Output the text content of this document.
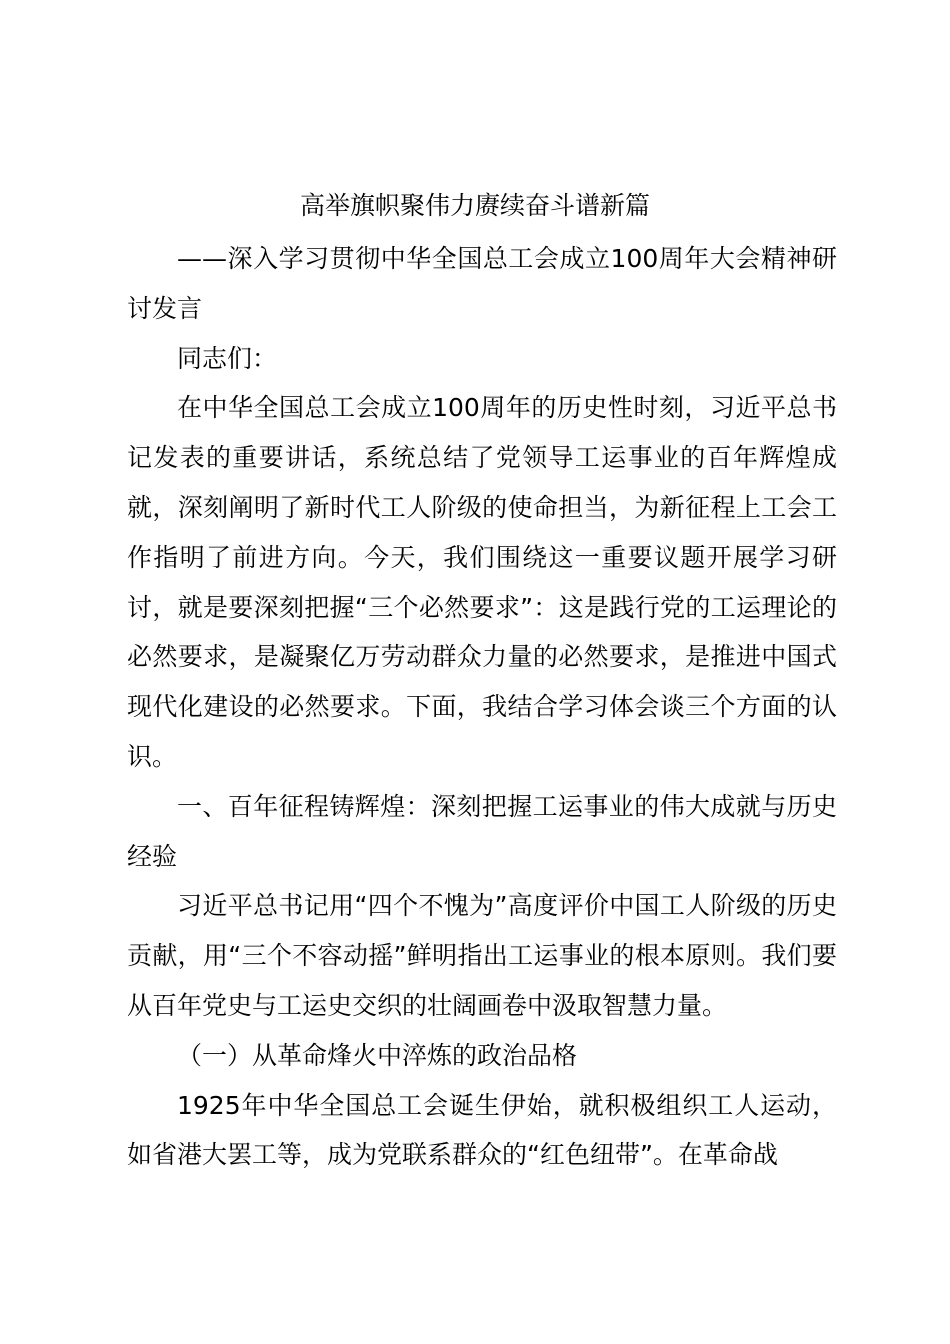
高举旗帜聚伟力赓续奋斗谱新篇

——深入学习贯彻中华全国总工会成立100周年大会精神研讨发言

同志们：

在中华全国总工会成立100周年的历史性时刻，习近平总书记发表的重要讲话，系统总结了党领导工运事业的百年辉煌成就，深刻阐明了新时代工人阶级的使命担当，为新征程上工会工作指明了前进方向。今天，我们围绕这一重要议题开展学习研讨，就是要深刻把握“三个必然要求”：这是践行党的工运理论的必然要求，是凝聚亿万劳动群众力量的必然要求，是推进中国式现代化建设的必然要求。下面，我结合学习体会谈三个方面的认识。

一、百年征程铸辉煌：深刻把握工运事业的伟大成就与历史经验

习近平总书记用“四个不愧为”高度评价中国工人阶级的历史贡献，用“三个不容动摇”鲜明指出工运事业的根本原则。我们要从百年党史与工运史交织的壮阔画卷中汲取智慧力量。

（一）从革命烽火中淬炼的政治品格

1925年中华全国总工会诞生伊始，就积极组织工人运动，如省港大罢工等，成为党联系群众的“红色纽带”。在革命战
